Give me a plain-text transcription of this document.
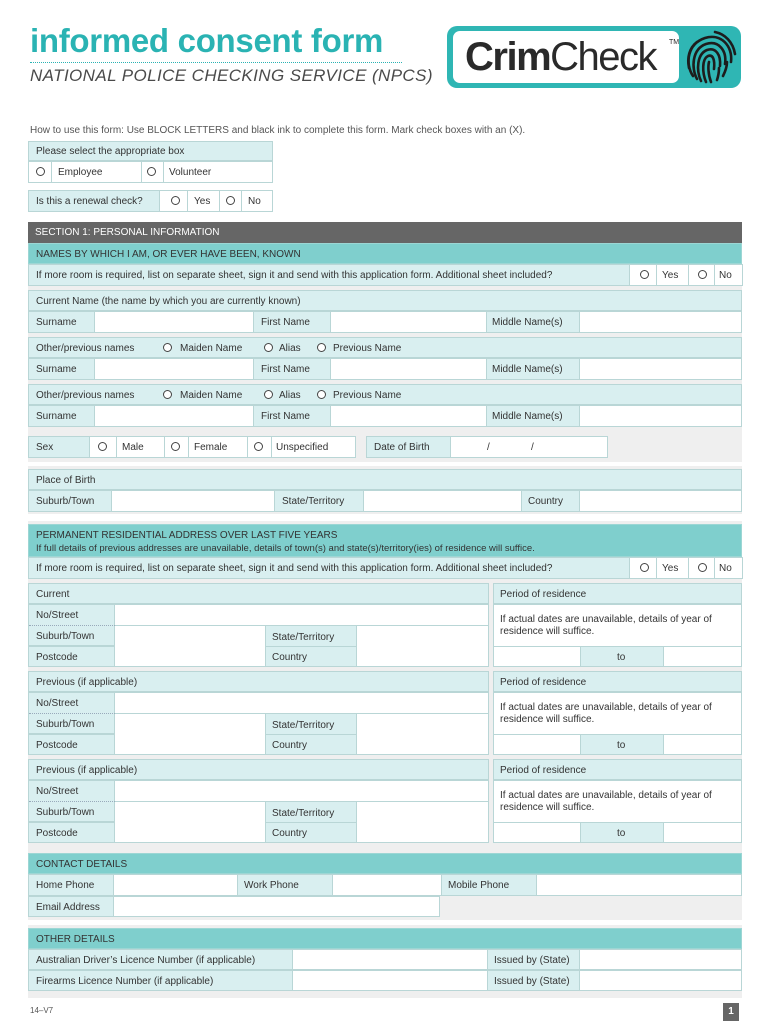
informed consent form
NATIONAL POLICE CHECKING SERVICE (NPCS) CrimCheck TM
How to use this form: Use BLOCK LETTERS and black ink to complete this form. Mark check boxes with an (X).
Please select the appropriate box
Employee	Volunteer
Is this a renewal check?	Yes	No
SECTION 1: PERSONAL INFORMATION
NAMES BY WHICH I AM, OR EVER HAVE BEEN, KNOWN
If more room is required, list on separate sheet, sign it and send with this application form. Additional sheet included?	Yes	No
Current Name (the name by which you are currently known)
Surname	First Name	Middle Name(s)
Other/previous names	Maiden Name	Alias	Previous Name
Surname	First Name	Middle Name(s)
Other/previous names	Maiden Name	Alias	Previous Name
Surname	First Name	Middle Name(s)
Sex	Male	Female	Unspecified	Date of Birth	/	/
Place of Birth
Suburb/Town	State/Territory	Country
PERMANENT RESIDENTIAL ADDRESS OVER LAST FIVE YEARS
If full details of previous addresses are unavailable, details of town(s) and state(s)/territory(ies) of residence will suffice.
If more room is required, list on separate sheet, sign it and send with this application form. Additional sheet included?	Yes	No
Current	Period of residence
No/Street
Suburb/Town	State/Territory
Postcode	Country
If actual dates are unavailable, details of year of residence will suffice.
to
Previous (if applicable)	Period of residence
No/Street
Suburb/Town	State/Territory
Postcode	Country
If actual dates are unavailable, details of year of residence will suffice.
to
Previous (if applicable)	Period of residence
No/Street
Suburb/Town	State/Territory
Postcode	Country
If actual dates are unavailable, details of year of residence will suffice.
to
CONTACT DETAILS
Home Phone	Work Phone	Mobile Phone
Email Address
OTHER DETAILS
Australian Driver’s Licence Number (if applicable)	Issued by (State)
Firearms Licence Number (if applicable)	Issued by (State)
14–V7	1
